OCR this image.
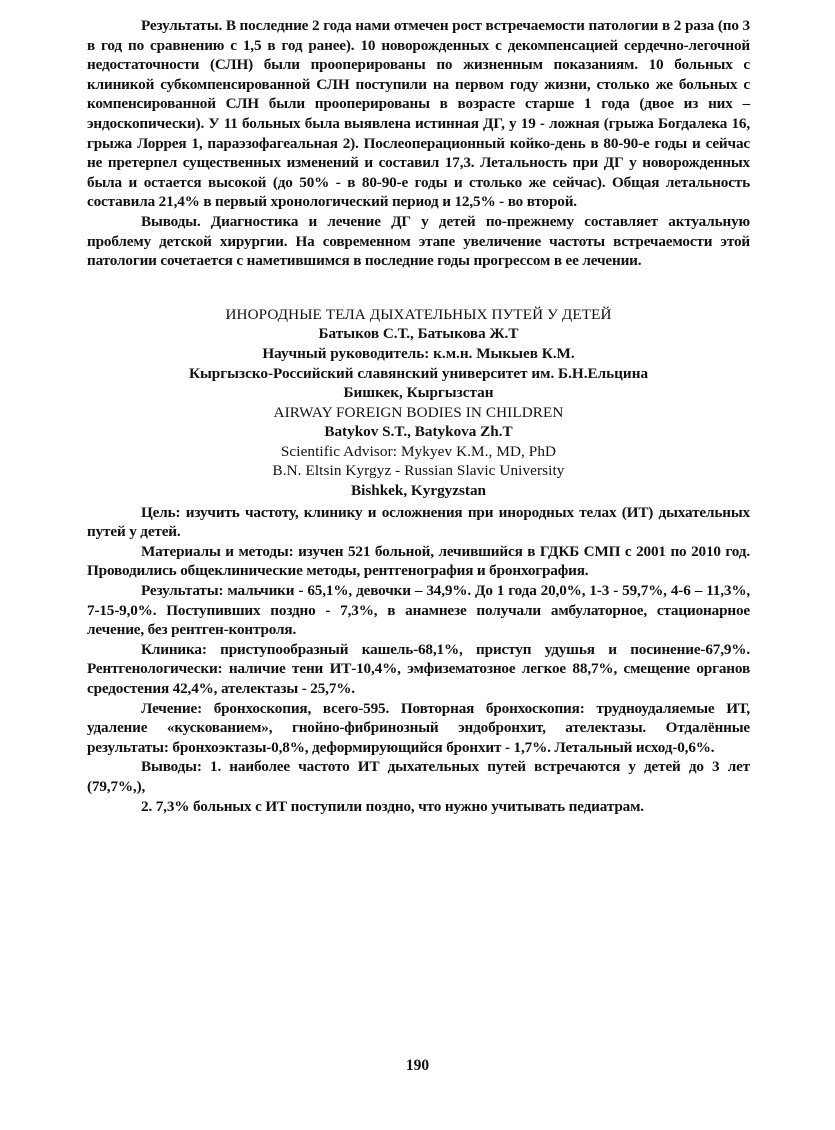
Результаты. В последние 2 года нами отмечен рост встречаемости патологии в 2 раза (по 3 в год по сравнению с 1,5 в год ранее). 10 новорожденных с декомпенсацией сердечно-легочной недостаточности (СЛН) были прооперированы по жизненным показаниям. 10 больных с клиникой субкомпенсированной СЛН поступили на первом году жизни, столько же больных с компенсированной СЛН были прооперированы в возрасте старше 1 года (двое из них – эндоскопически). У 11 больных была выявлена истинная ДГ, у 19 - ложная (грыжа Богдалека 16, грыжа Лоррея 1, параэзофагеальная 2). Послеоперационный койко-день в 80-90-е годы и сейчас не претерпел существенных изменений и составил 17,3. Летальность при ДГ у новорожденных была и остается высокой (до 50% - в 80-90-е годы и столько же сейчас). Общая летальность составила 21,4% в первый хронологический период и 12,5% - во второй.

Выводы. Диагностика и лечение ДГ у детей по-прежнему составляет актуальную проблему детской хирургии. На современном этапе увеличение частоты встречаемости этой патологии сочетается с наметившимся в последние годы прогрессом в ее лечении.

ИНОРОДНЫЕ ТЕЛА ДЫХАТЕЛЬНЫХ ПУТЕЙ У ДЕТЕЙ
Батыков С.Т., Батыкова Ж.Т
Научный руководитель: к.м.н. Мыкыев К.М.
Кыргызско-Российский славянский университет им. Б.Н.Ельцина
Бишкек, Кыргызстан
AIRWAY FOREIGN BODIES IN CHILDREN
Batykov S.T., Batykova Zh.T
Scientific Advisor: Mykyev K.M., MD, PhD
B.N. Eltsin Kyrgyz - Russian Slavic University
Bishkek, Kyrgyzstan

Цель: изучить частоту, клинику и осложнения при инородных телах (ИТ) дыхательных путей у детей.

Материалы и методы: изучен 521 больной, лечившийся в ГДКБ СМП с 2001 по 2010 год. Проводились общеклинические методы, рентгенография и бронхография.

Результаты: мальчики - 65,1%, девочки – 34,9%. До 1 года 20,0%, 1-3 - 59,7%, 4-6 – 11,3%, 7-15-9,0%. Поступивших поздно - 7,3%, в анамнезе получали амбулаторное, стационарное лечение, без рентген-контроля.

Клиника: приступообразный кашель-68,1%, приступ удушья и посинение-67,9%. Рентгенологически: наличие тени ИТ-10,4%, эмфизематозное легкое 88,7%, смещение органов средостения 42,4%, ателектазы - 25,7%.

Лечение: бронхоскопия, всего-595. Повторная бронхоскопия: трудноудаляемые ИТ, удаление «кускованием», гнойно-фибринозный эндобронхит, ателектазы. Отдалённые результаты: бронхоэктазы-0,8%, деформирующийся бронхит - 1,7%. Летальный исход-0,6%.

Выводы: 1. наиболее частото ИТ дыхательных путей встречаются у детей до 3 лет (79,7%,),

2. 7,3% больных с ИТ поступили поздно, что нужно учитывать педиатрам.

190
